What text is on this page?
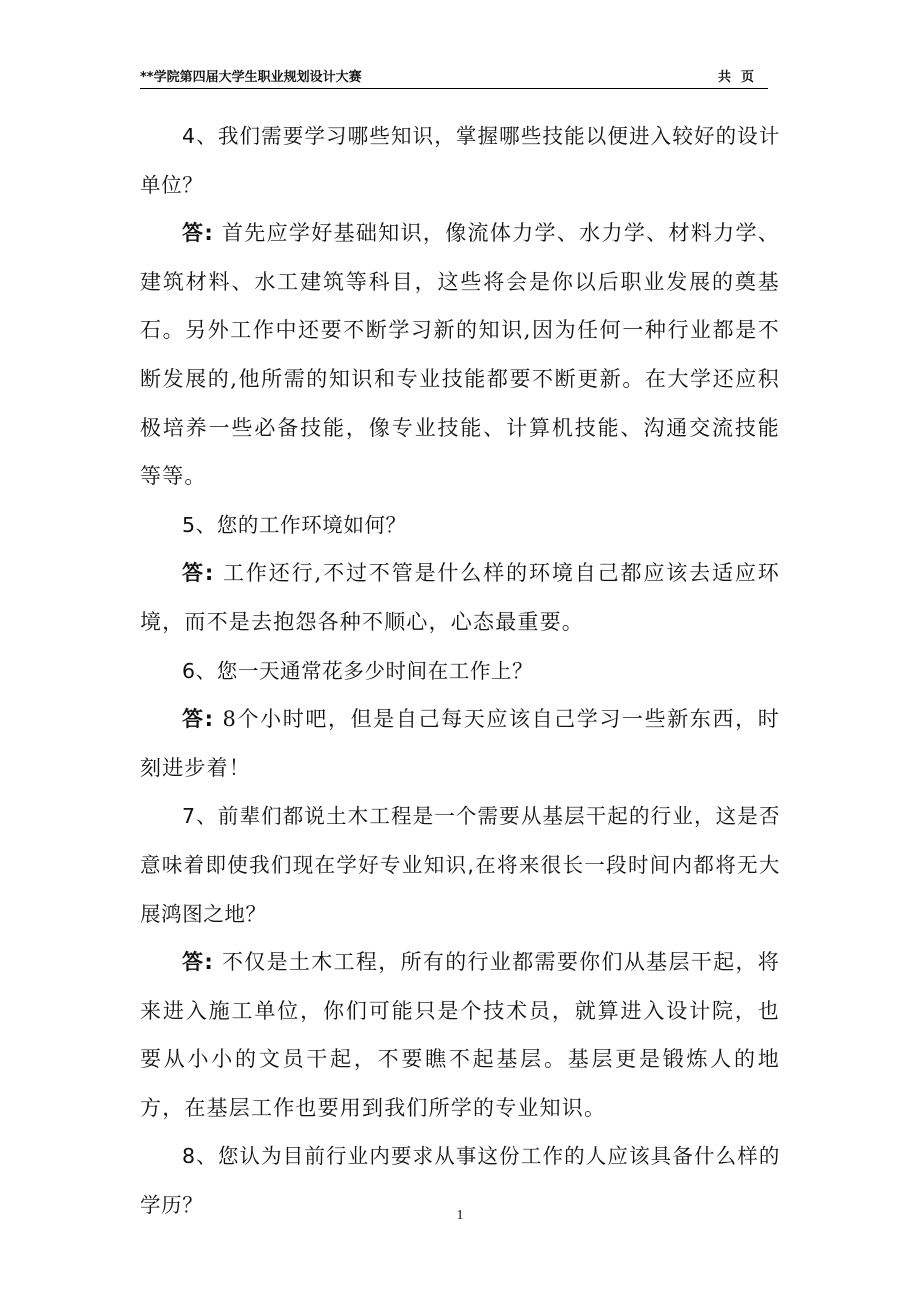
**学院第四届大学生职业规划设计大赛	共页

4、我们需要学习哪些知识，掌握哪些技能以便进入较好的设计单位？

答: 首先应学好基础知识，像流体力学、水力学、材料力学、建筑材料、水工建筑等科目，这些将会是你以后职业发展的奠基石。另外工作中还要不断学习新的知识,因为任何一种行业都是不断发展的,他所需的知识和专业技能都要不断更新。在大学还应积极培养一些必备技能，像专业技能、计算机技能、沟通交流技能等等。

5、您的工作环境如何？

答: 工作还行,不过不管是什么样的环境自己都应该去适应环境，而不是去抱怨各种不顺心，心态最重要。

6、您一天通常花多少时间在工作上？

答: 8个小时吧，但是自己每天应该自己学习一些新东西，时刻进步着！

7、前辈们都说土木工程是一个需要从基层干起的行业，这是否意味着即使我们现在学好专业知识,在将来很长一段时间内都将无大展鸿图之地？

答: 不仅是土木工程，所有的行业都需要你们从基层干起，将来进入施工单位，你们可能只是个技术员，就算进入设计院，也要从小小的文员干起，不要瞧不起基层。基层更是锻炼人的地方，在基层工作也要用到我们所学的专业知识。

8、您认为目前行业内要求从事这份工作的人应该具备什么样的学历？	1
